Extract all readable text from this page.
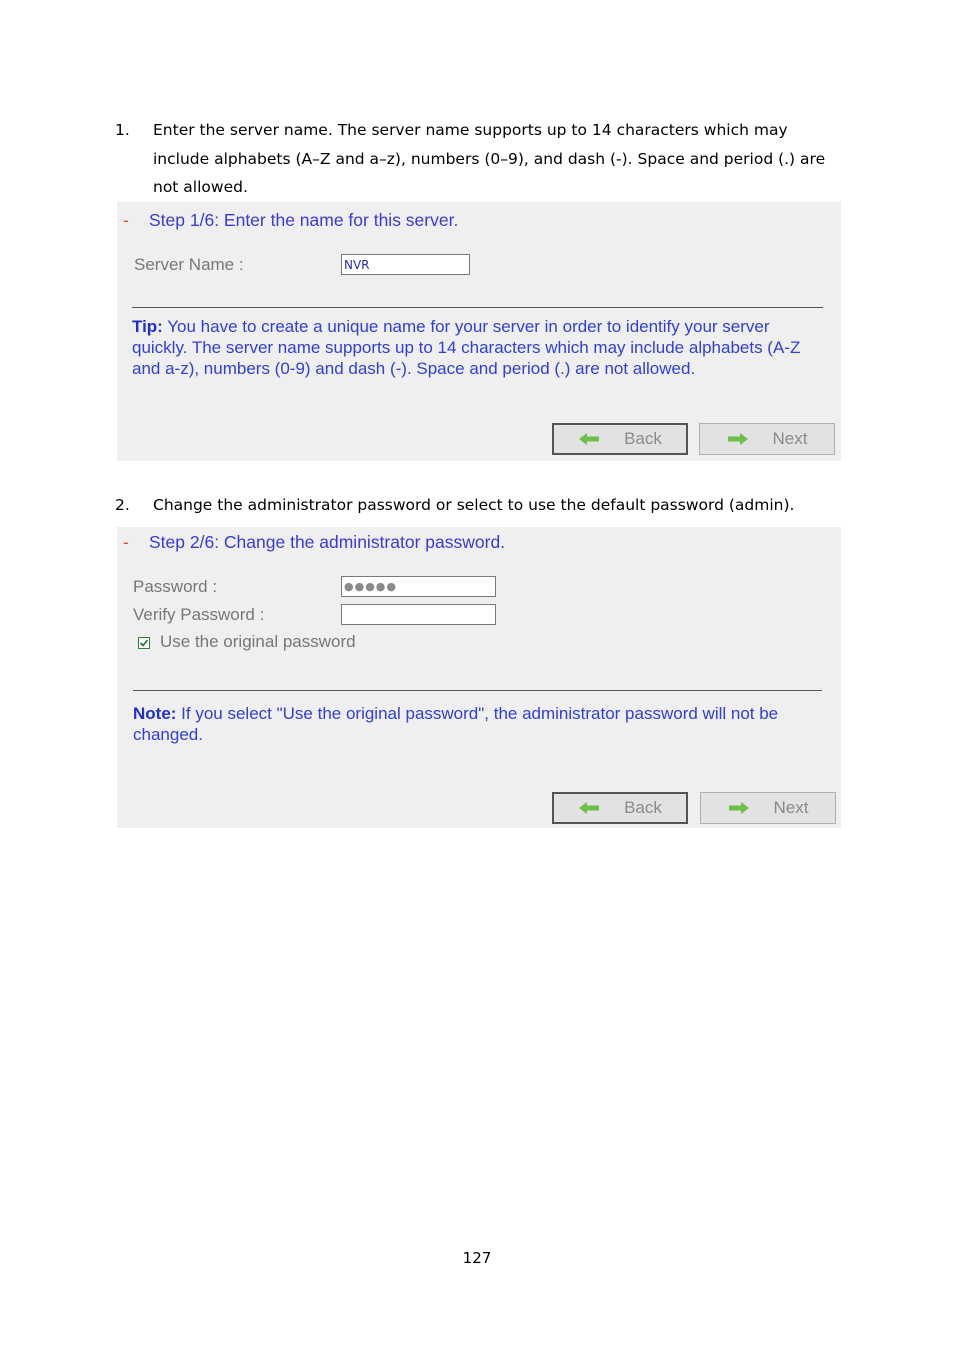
1. Enter the server name. The server name supports up to 14 characters which may include alphabets (A–Z and a–z), numbers (0–9), and dash (-). Space and period (.) are not allowed.
- Step 1/6: Enter the name for this server.
Server Name :	NVR
Tip: You have to create a unique name for your server in order to identify your server quickly. The server name supports up to 14 characters which may include alphabets (A-Z and a-z), numbers (0-9) and dash (-). Space and period (.) are not allowed.
Back	Next
2. Change the administrator password or select to use the default password (admin).
- Step 2/6: Change the administrator password.
Password :	●●●●●
Verify Password :
Use the original password
Note: If you select "Use the original password", the administrator password will not be changed.
Back	Next
127
